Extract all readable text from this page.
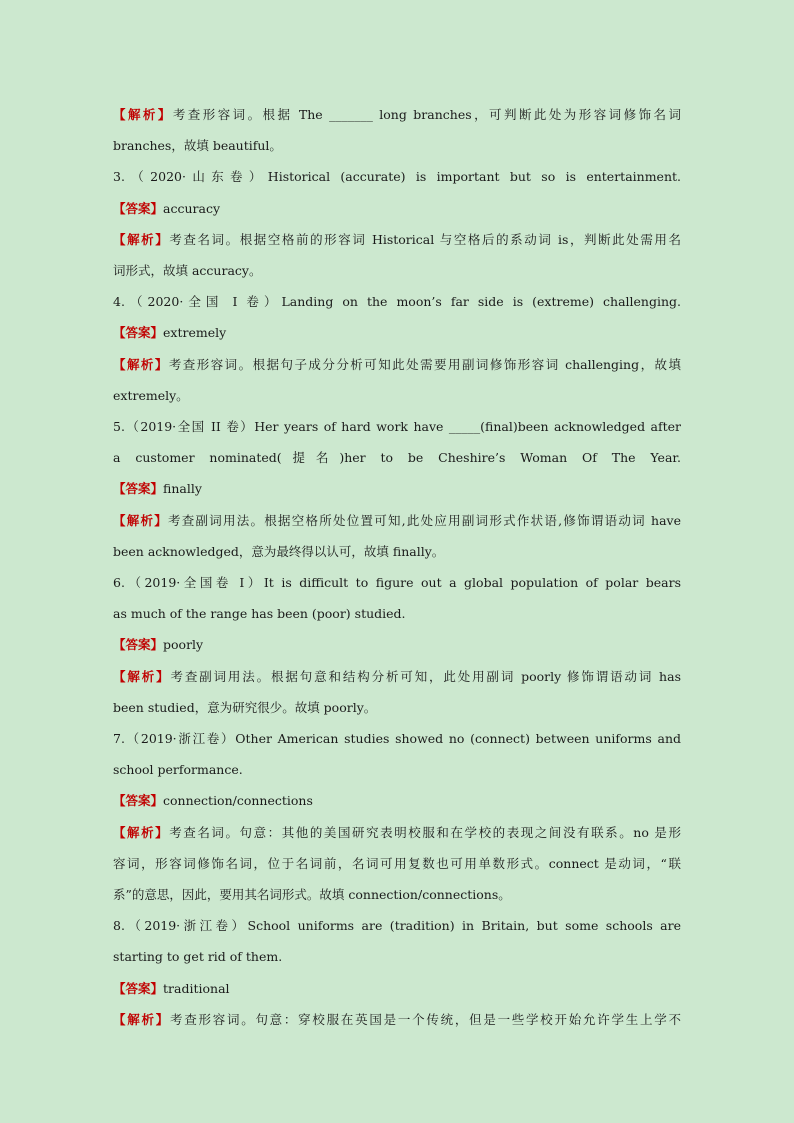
【解析】考查形容词。根据 The _______ long branches，可判断此处为形容词修饰名词
branches，故填 beautiful。
3.（2020·山东卷）Historical (accurate) is important but so is entertainment.
【答案】accuracy
【解析】考查名词。根据空格前的形容词 Historical 与空格后的系动词 is，判断此处需用名
词形式，故填 accuracy。
4.（2020·全国 I 卷）Landing on the moon’s far side is (extreme) challenging.
【答案】extremely
【解析】考查形容词。根据句子成分分析可知此处需要用副词修饰形容词 challenging，故填
extremely。
5.（2019·全国 II 卷）Her years of hard work have _____(final)been acknowledged after
a customer nominated(提名)her to be Cheshire’s Woman Of The Year.
【答案】finally
【解析】考查副词用法。根据空格所处位置可知,此处应用副词形式作状语,修饰谓语动词 have
been acknowledged，意为最终得以认可，故填 finally。
6.（2019·全国卷 I）It is difficult to figure out a global population of polar bears
as much of the range has been (poor) studied.
【答案】poorly
【解析】考查副词用法。根据句意和结构分析可知，此处用副词 poorly 修饰谓语动词 has
been studied，意为研究很少。故填 poorly。
7.（2019·浙江卷）Other American studies showed no (connect) between uniforms and
school performance.
【答案】connection/connections
【解析】考查名词。句意：其他的美国研究表明校服和在学校的表现之间没有联系。no 是形
容词，形容词修饰名词，位于名词前，名词可用复数也可用单数形式。connect 是动词，“联
系”的意思，因此，要用其名词形式。故填 connection/connections。
8.（2019·浙江卷）School uniforms are (tradition) in Britain, but some schools are
starting to get rid of them.
【答案】traditional
【解析】考查形容词。句意：穿校服在英国是一个传统，但是一些学校开始允许学生上学不
